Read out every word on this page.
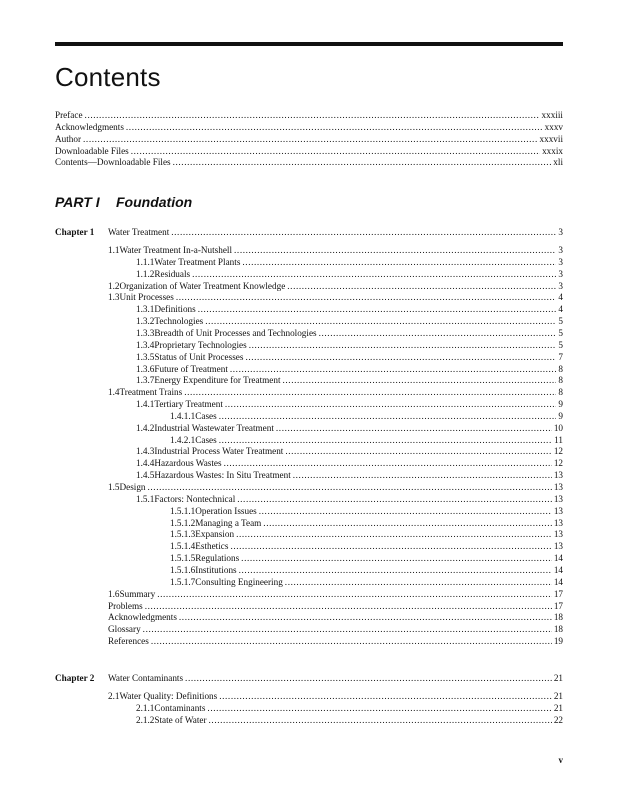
Contents
PART I Foundation
Preface .....	xxxiii
Acknowledgments .....	xxxv
Author .....	xxxvii
Downloadable Files .....	xxxix
Contents—Downloadable Files .....	xli
Chapter 1 Water Treatment .....	3
1.1 Water Treatment In-a-Nutshell .....	3
1.1.1 Water Treatment Plants .....	3
1.1.2 Residuals .....	3
1.2 Organization of Water Treatment Knowledge .....	3
1.3 Unit Processes .....	4
1.3.1 Definitions .....	4
1.3.2 Technologies .....	5
1.3.3 Breadth of Unit Processes and Technologies .....	5
1.3.4 Proprietary Technologies .....	5
1.3.5 Status of Unit Processes .....	7
1.3.6 Future of Treatment .....	8
1.3.7 Energy Expenditure for Treatment .....	8
1.4 Treatment Trains .....	8
1.4.1 Tertiary Treatment .....	9
1.4.1.1 Cases .....	9
1.4.2 Industrial Wastewater Treatment .....	10
1.4.2.1 Cases .....	11
1.4.3 Industrial Process Water Treatment .....	12
1.4.4 Hazardous Wastes .....	12
1.4.5 Hazardous Wastes: In Situ Treatment .....	13
1.5 Design .....	13
1.5.1 Factors: Nontechnical .....	13
1.5.1.1 Operation Issues .....	13
1.5.1.2 Managing a Team .....	13
1.5.1.3 Expansion .....	13
1.5.1.4 Esthetics .....	13
1.5.1.5 Regulations .....	14
1.5.1.6 Institutions .....	14
1.5.1.7 Consulting Engineering .....	14
1.6 Summary .....	17
Problems .....	17
Acknowledgments .....	18
Glossary .....	18
References .....	19
Chapter 2 Water Contaminants .....	21
2.1 Water Quality: Definitions .....	21
2.1.1 Contaminants .....	21
2.1.2 State of Water .....	22
v
